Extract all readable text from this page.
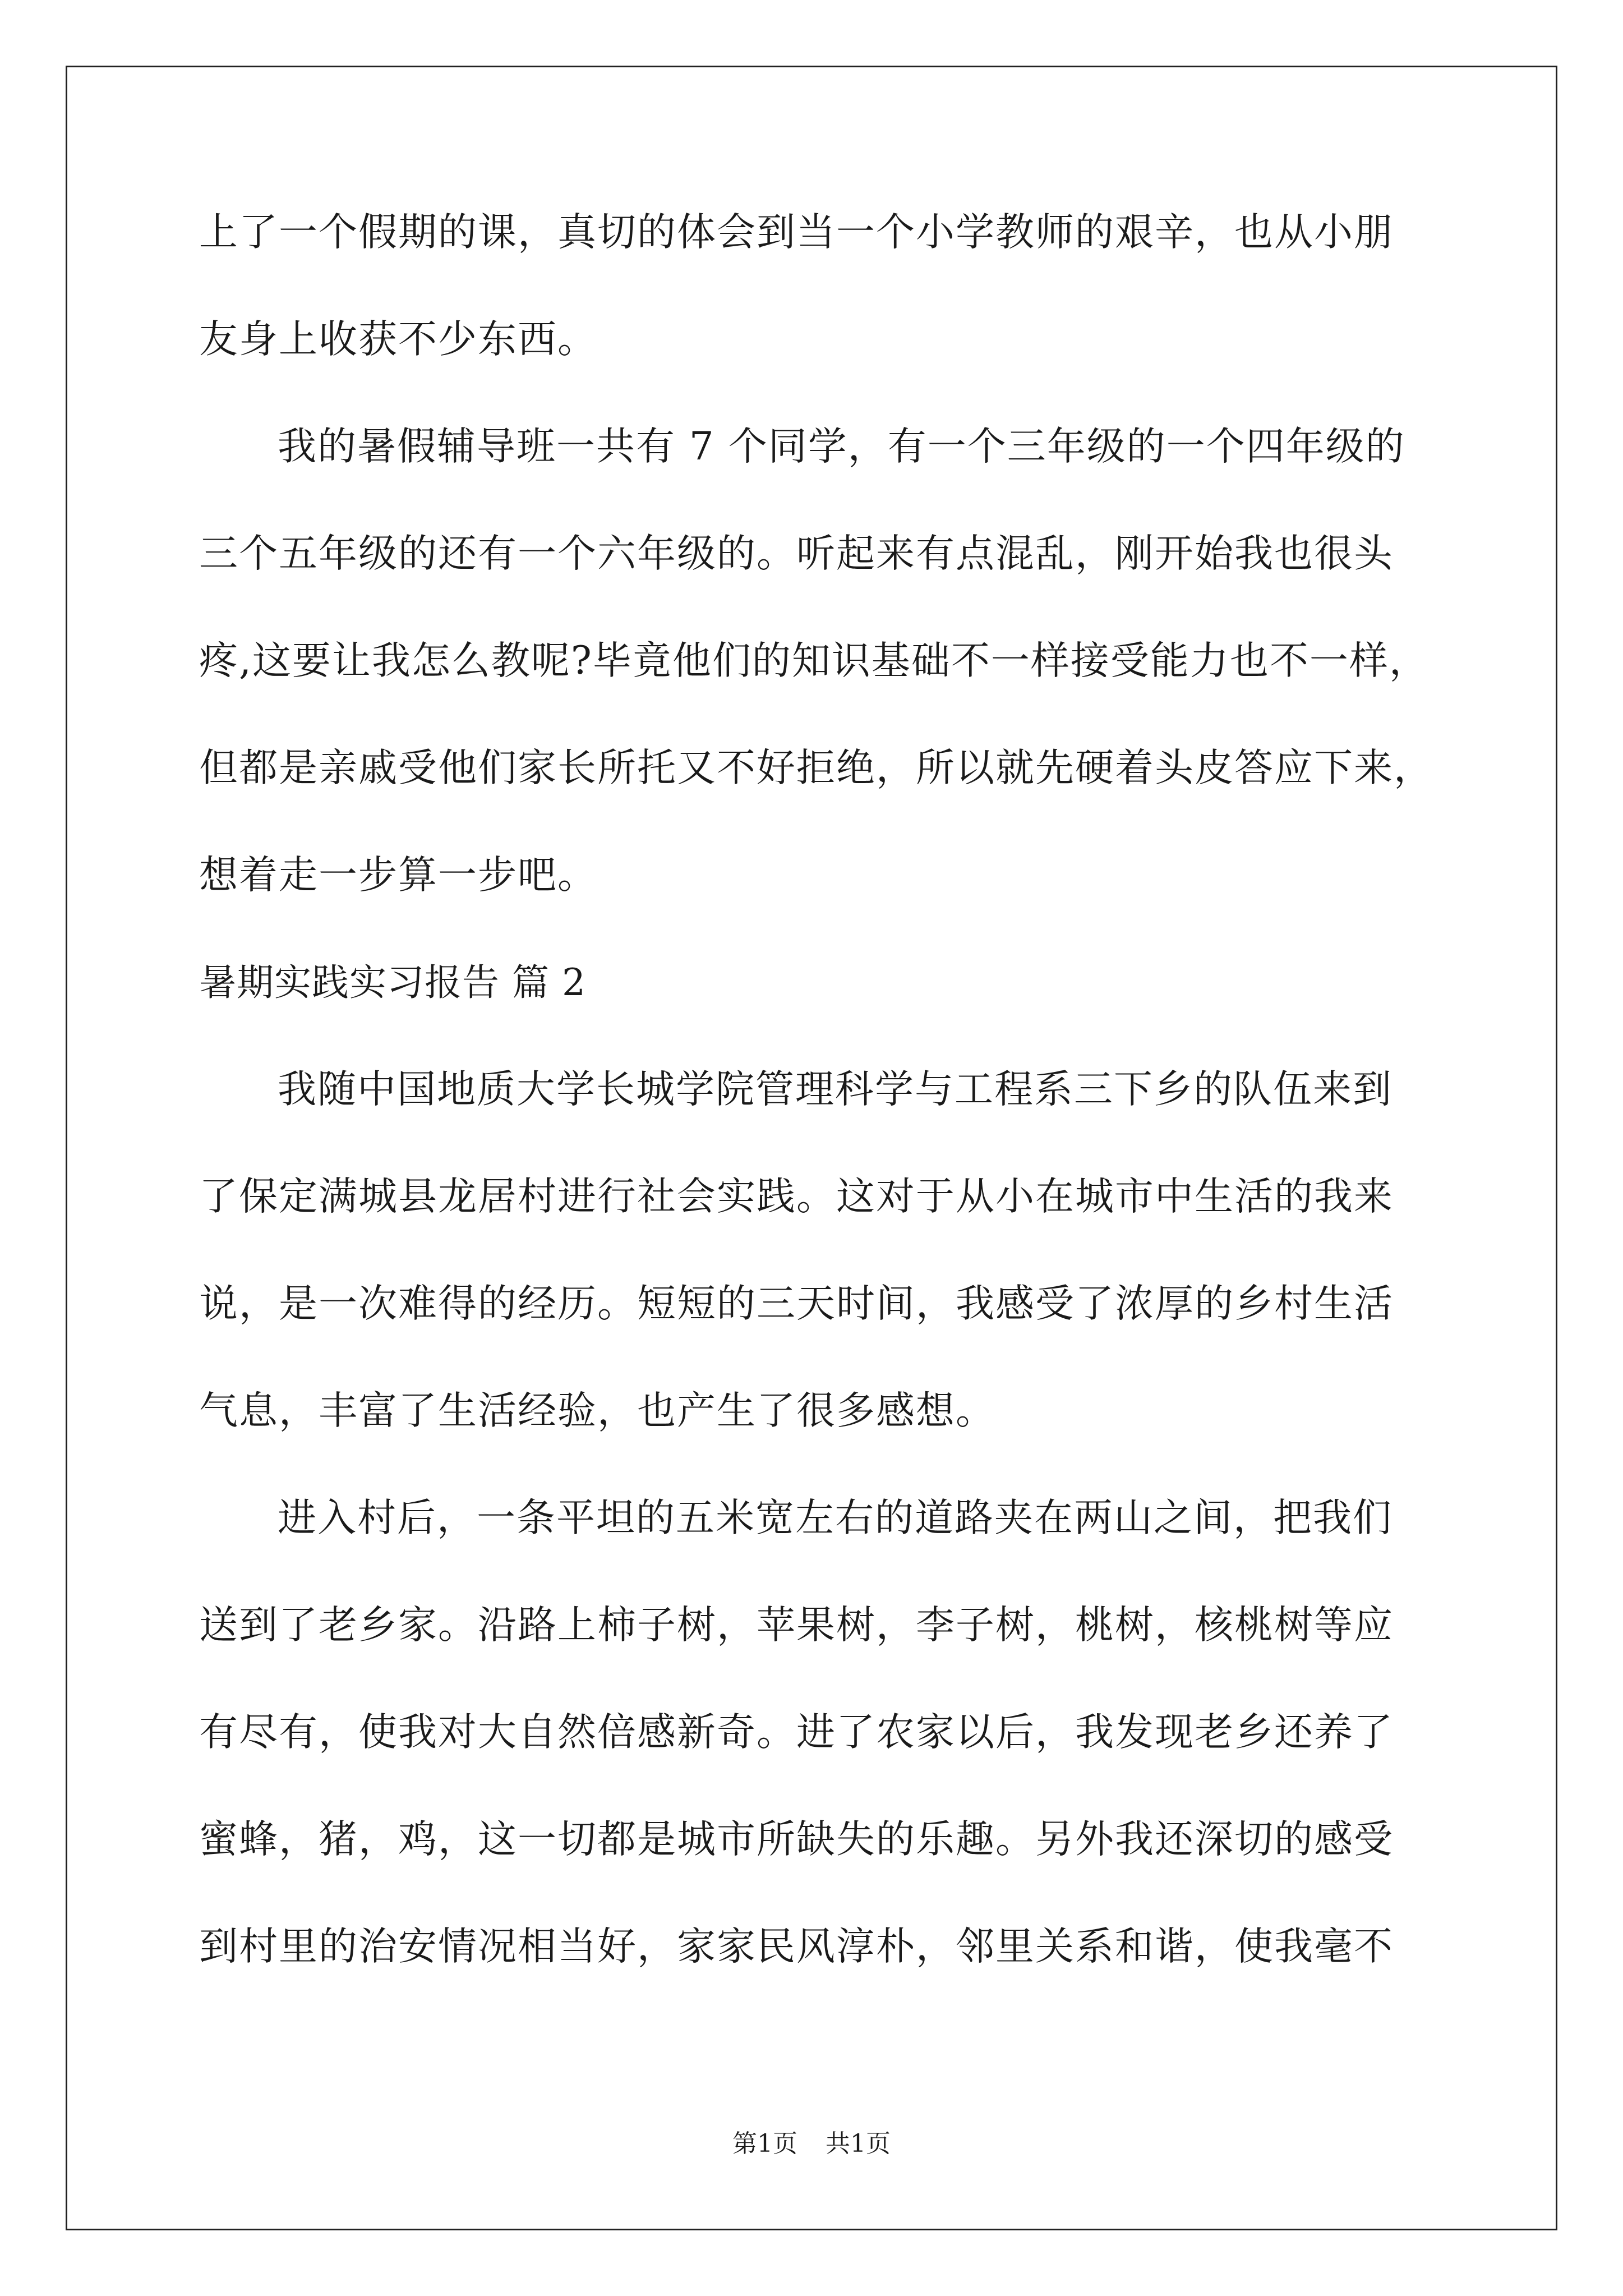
上了一个假期的课，真切的体会到当一个小学教师的艰辛，也从小朋
友身上收获不少东西。
我的暑假辅导班一共有 7 个同学，有一个三年级的一个四年级的
三个五年级的还有一个六年级的。听起来有点混乱，刚开始我也很头
疼,这要让我怎么教呢?毕竟他们的知识基础不一样接受能力也不一样，
但都是亲戚受他们家长所托又不好拒绝，所以就先硬着头皮答应下来，
想着走一步算一步吧。
暑期实践实习报告 篇 2
我随中国地质大学长城学院管理科学与工程系三下乡的队伍来到
了保定满城县龙居村进行社会实践。这对于从小在城市中生活的我来
说，是一次难得的经历。短短的三天时间，我感受了浓厚的乡村生活
气息，丰富了生活经验，也产生了很多感想。
进入村后，一条平坦的五米宽左右的道路夹在两山之间，把我们
送到了老乡家。沿路上柿子树，苹果树，李子树，桃树，核桃树等应
有尽有，使我对大自然倍感新奇。进了农家以后，我发现老乡还养了
蜜蜂，猪，鸡，这一切都是城市所缺失的乐趣。另外我还深切的感受
到村里的治安情况相当好，家家民风淳朴，邻里关系和谐，使我毫不
第1页 共1页
